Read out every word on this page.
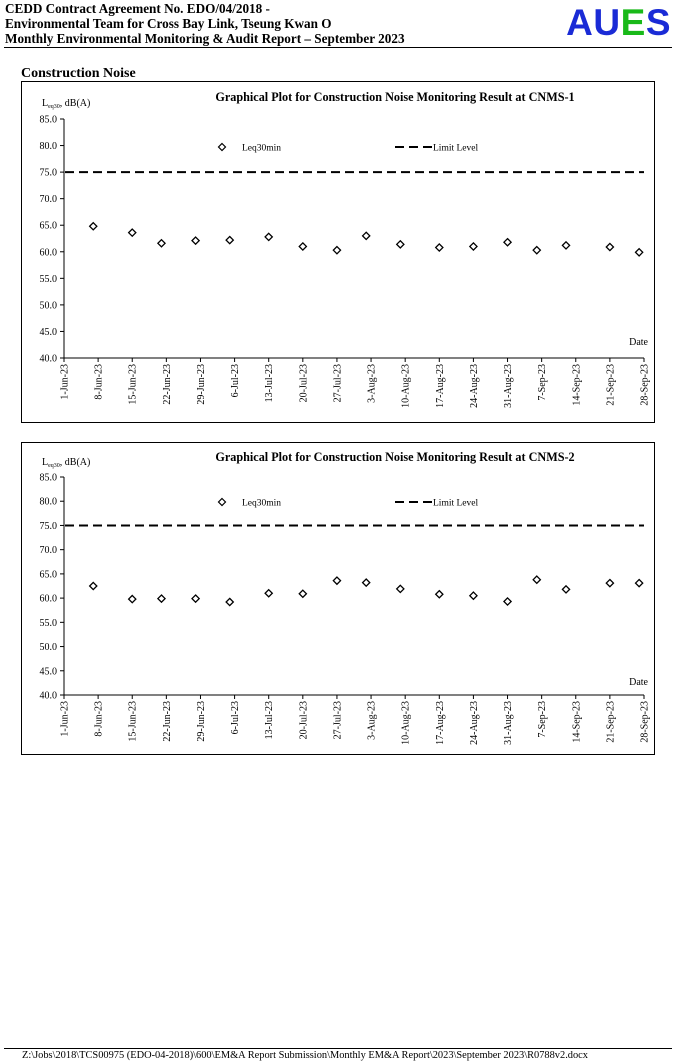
CEDD Contract Agreement No. EDO/04/2018 -
Environmental Team for Cross Bay Link, Tseung Kwan O
Monthly Environmental Monitoring & Audit Report – September 2023	AUES
Construction Noise
Graphical Plot for Construction Noise Monitoring Result at CNMS-1
$L_{eq30}$, dB(A)
85.0
80.0
75.0
70.0
65.0
60.0
55.0
50.0
45.0
40.0
1-Jun-23 8-Jun-23 15-Jun-23 22-Jun-23 29-Jun-23 6-Jul-23 13-Jul-23 20-Jul-23 27-Jul-23 3-Aug-23 10-Aug-23 17-Aug-23 24-Aug-23 31-Aug-23 7-Sep-23 14-Sep-23 21-Sep-23 28-Sep-23
Leq30min	Limit Level
Date
Graphical Plot for Construction Noise Monitoring Result at CNMS-2
$L_{eq30}$, dB(A)
85.0
80.0
75.0
70.0
65.0
60.0
55.0
50.0
45.0
40.0
1-Jun-23 8-Jun-23 15-Jun-23 22-Jun-23 29-Jun-23 6-Jul-23 13-Jul-23 20-Jul-23 27-Jul-23 3-Aug-23 10-Aug-23 17-Aug-23 24-Aug-23 31-Aug-23 7-Sep-23 14-Sep-23 21-Sep-23 28-Sep-23
Leq30min	Limit Level
Date
Z:\Jobs\2018\TCS00975 (EDO-04-2018)\600\EM&A Report Submission\Monthly EM&A Report\2023\September 2023\R0788v2.docx
